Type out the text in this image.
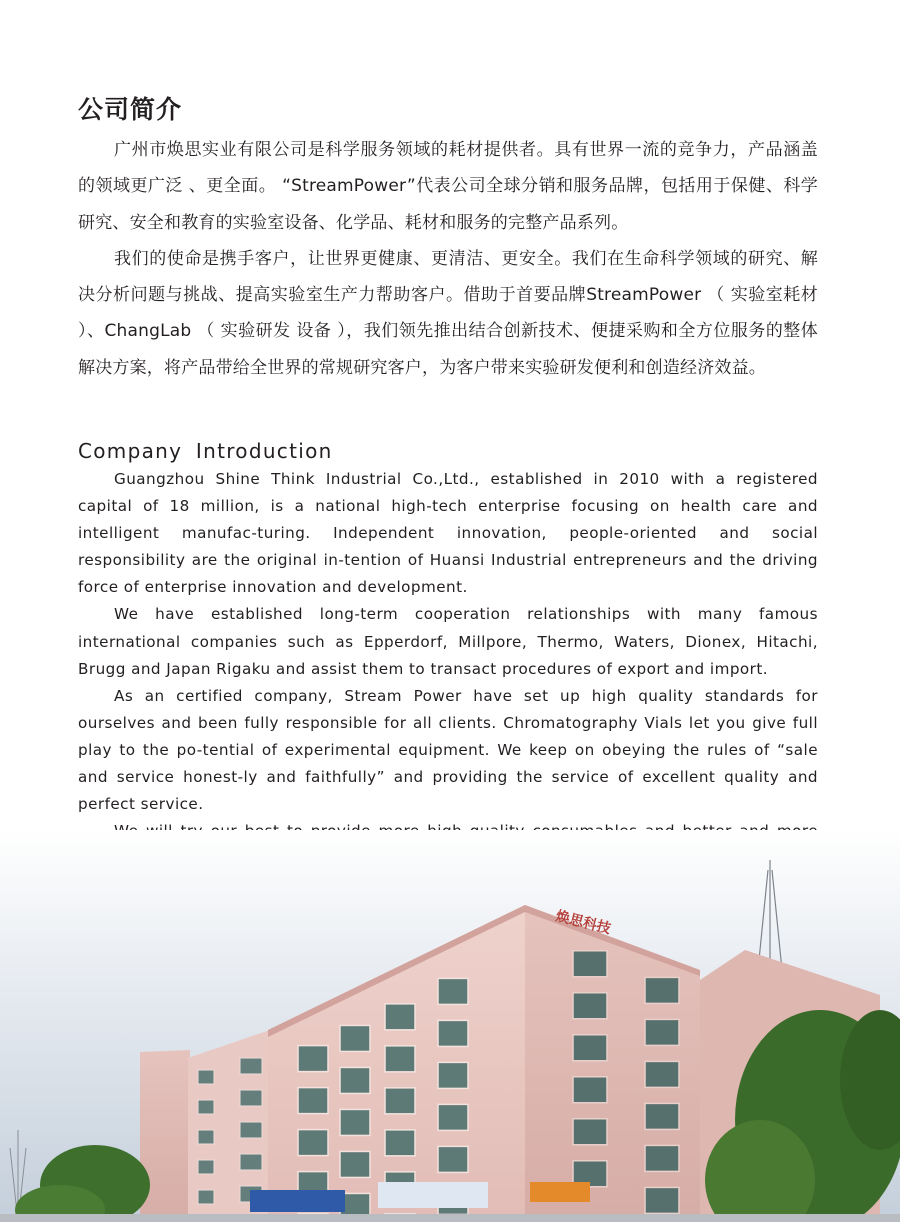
公司简介

广州市焕思实业有限公司是科学服务领域的耗材提供者。具有世界一流的竞争力，产品涵盖的领域更广泛 、更全面。 “StreamPower”代表公司全球分销和服务品牌，包括用于保健、科学研究、安全和教育的实验室设备、化学品、耗材和服务的完整产品系列。

我们的使命是携手客户，让世界更健康、更清洁、更安全。我们在生命科学领域的研究、解决分析问题与挑战、提高实验室生产力帮助客户。借助于首要品牌StreamPower （ 实验室耗材 ）、ChangLab （ 实验研发 设备 ），我们领先推出结合创新技术、便捷采购和全方位服务的整体解决方案，将产品带给全世界的常规研究客户，为客户带来实验研发便利和创造经济效益。

Company Introduction

Guangzhou Shine Think Industrial Co.,Ltd., established in 2010 with a registered capital of 18 million, is a national high-tech enterprise focusing on health care and intelligent manufac-turing. Independent innovation, people-oriented and social responsibility are the original in-tention of Huansi Industrial entrepreneurs and the driving force of enterprise innovation and development.

We have established long-term cooperation relationships with many famous international companies such as Epperdorf, Millpore, Thermo, Waters, Dionex, Hitachi, Brugg and Japan Rigaku and assist them to transact procedures of export and import.

As an certified company, Stream Power have set up high quality standards for ourselves and been fully responsible for all clients. Chromatography Vials let you give full play to the po-tential of experimental equipment. We keep on obeying the rules of “sale and service honest-ly and faithfully” and providing the service of excellent quality and perfect service.

焕思科技
